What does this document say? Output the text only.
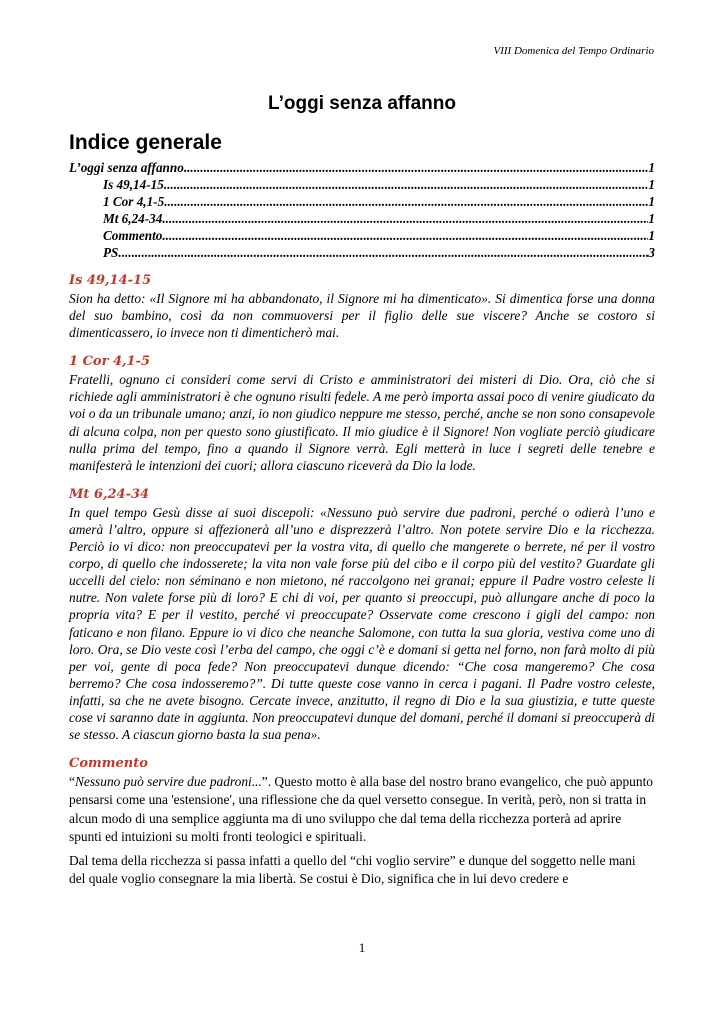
VIII Domenica del Tempo Ordinario
L’oggi senza affanno
Indice generale
L’oggi senza affanno .....	1
Is 49,14-15 .....	1
1 Cor 4,1-5 .....	1
Mt 6,24-34 .....	1
Commento .....	1
PS .....	3
Is 49,14-15

Sion ha detto: «Il Signore mi ha abbandonato, il Signore mi ha dimenticato». Si dimentica forse una donna del suo bambino, così da non commuoversi per il figlio delle sue viscere? Anche se costoro si dimenticassero, io invece non ti dimenticherò mai.

1 Cor 4,1-5

Fratelli, ognuno ci consideri come servi di Cristo e amministratori dei misteri di Dio. Ora, ciò che si richiede agli amministratori è che ognuno risulti fedele. A me però importa assai poco di venire giudicato da voi o da un tribunale umano; anzi, io non giudico neppure me stesso, perché, anche se non sono consapevole di alcuna colpa, non per questo sono giustificato. Il mio giudice è il Signore! Non vogliate perciò giudicare nulla prima del tempo, fino a quando il Signore verrà. Egli metterà in luce i segreti delle tenebre e manifesterà le intenzioni dei cuori; allora ciascuno riceverà da Dio la lode.

Mt 6,24-34

In quel tempo Gesù disse ai suoi discepoli: «Nessuno può servire due padroni, perché o odierà l’uno e amerà l’altro, oppure si affezionerà all’uno e disprezzerà l’altro. Non potete servire Dio e la ricchezza. Perciò io vi dico: non preoccupatevi per la vostra vita, di quello che mangerete o berrete, né per il vostro corpo, di quello che indosserete; la vita non vale forse più del cibo e il corpo più del vestito? Guardate gli uccelli del cielo: non séminano e non mietono, né raccolgono nei granai; eppure il Padre vostro celeste li nutre. Non valete forse più di loro? E chi di voi, per quanto si preoccupi, può allungare anche di poco la propria vita? E per il vestito, perché vi preoccupate? Osservate come crescono i gigli del campo: non faticano e non filano. Eppure io vi dico che neanche Salomone, con tutta la sua gloria, vestiva come uno di loro. Ora, se Dio veste così l’erba del campo, che oggi c’è e domani si getta nel forno, non farà molto di più per voi, gente di poca fede? Non preoccupatevi dunque dicendo: “Che cosa mangeremo? Che cosa berremo? Che cosa indosseremo?”. Di tutte queste cose vanno in cerca i pagani. Il Padre vostro celeste, infatti, sa che ne avete bisogno. Cercate invece, anzitutto, il regno di Dio e la sua giustizia, e tutte queste cose vi saranno date in aggiunta. Non preoccupatevi dunque del domani, perché il domani si preoccuperà di se stesso. A ciascun giorno basta la sua pena».

Commento

“Nessuno può servire due padroni...”. Questo motto è alla base del nostro brano evangelico, che può appunto pensarsi come una 'estensione', una riflessione che da quel versetto consegue. In verità, però, non si tratta in alcun modo di una semplice aggiunta ma di uno sviluppo che dal tema della ricchezza porterà ad aprire spunti ed intuizioni su molti fronti teologici e spirituali.

Dal tema della ricchezza si passa infatti a quello del “chi voglio servire” e dunque del soggetto nelle mani del quale voglio consegnare la mia libertà. Se costui è Dio, significa che in lui devo credere e

1
